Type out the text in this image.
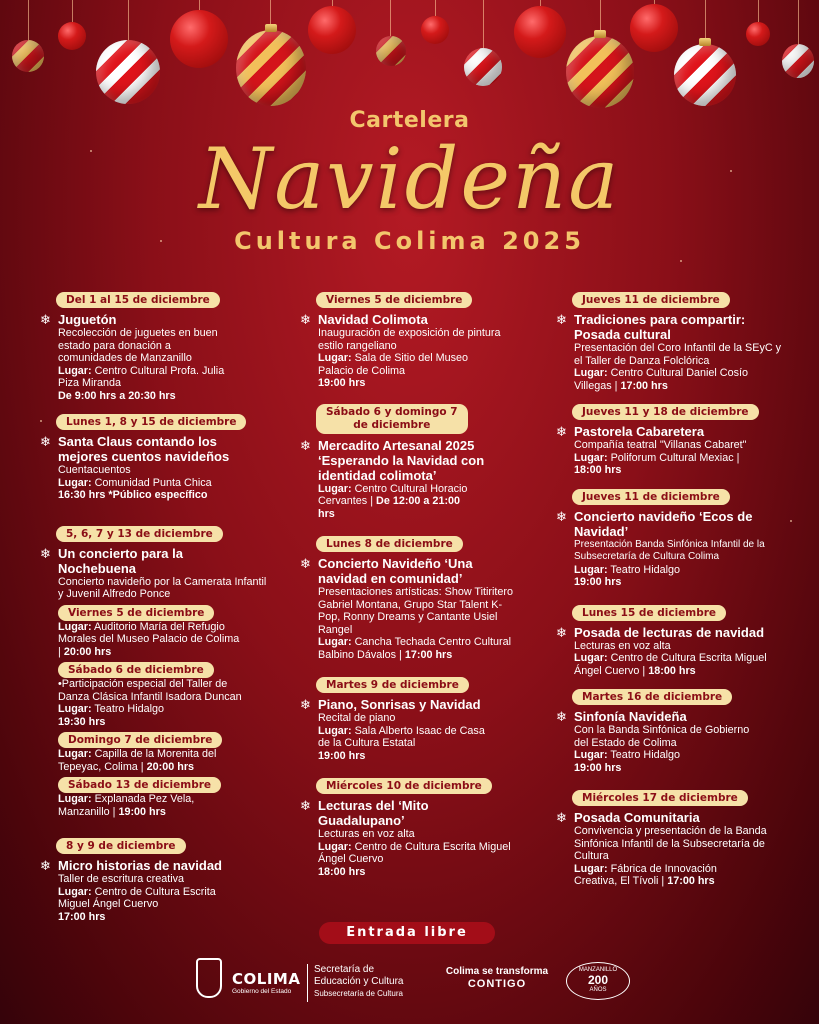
Cartelera
Navideña
Cultura Colima 2025
Del 1 al 15 de diciembre
❄ Juguetón
Recolección de juguetes en buen estado para donación a comunidades de Manzanillo
Lugar: Centro Cultural Profa. Julia Piza Miranda
De 9:00 hrs a 20:30 hrs
Lunes 1, 8 y 15 de diciembre
❄ Santa Claus contando los mejores cuentos navideños
Cuentacuentos
Lugar: Comunidad Punta Chica
16:30 hrs *Público específico
5, 6, 7 y 13 de diciembre
❄ Un concierto para la Nochebuena
Concierto navideño por la Camerata Infantil y Juvenil Alfredo Ponce
Viernes 5 de diciembre
Lugar: Auditorio María del Refugio Morales del Museo Palacio de Colima | 20:00 hrs
Sábado 6 de diciembre
•Participación especial del Taller de Danza Clásica Infantil Isadora Duncan
Lugar: Teatro Hidalgo
19:30 hrs
Domingo 7 de diciembre
Lugar: Capilla de la Morenita del Tepeyac, Colima | 20:00 hrs
Sábado 13 de diciembre
Lugar: Explanada Pez Vela, Manzanillo | 19:00 hrs
8 y 9 de diciembre
❄ Micro historias de navidad
Taller de escritura creativa
Lugar: Centro de Cultura Escrita Miguel Ángel Cuervo
17:00 hrs
Viernes 5 de diciembre
❄ Navidad Colimota
Inauguración de exposición de pintura estilo rangeliano
Lugar: Sala de Sitio del Museo Palacio de Colima
19:00 hrs
Sábado 6 y domingo 7
de diciembre
❄ Mercadito Artesanal 2025 ‘Esperando la Navidad con identidad colimota’
Lugar: Centro Cultural Horacio Cervantes | De 12:00 a 21:00 hrs
Lunes 8 de diciembre
❄ Concierto Navideño ‘Una navidad en comunidad’
Presentaciones artísticas: Show Titiritero Gabriel Montana, Grupo Star Talent K-Pop, Ronny Dreams y Cantante Usiel Rangel
Lugar: Cancha Techada Centro Cultural Balbino Dávalos | 17:00 hrs
Martes 9 de diciembre
❄ Piano, Sonrisas y Navidad
Recital de piano
Lugar: Sala Alberto Isaac de Casa de la Cultura Estatal
19:00 hrs
Miércoles 10 de diciembre
❄ Lecturas del ‘Mito Guadalupano’
Lecturas en voz alta
Lugar: Centro de Cultura Escrita Miguel Ángel Cuervo
18:00 hrs
Jueves 11 de diciembre
❄ Tradiciones para compartir: Posada cultural
Presentación del Coro Infantil de la SEyC y el Taller de Danza Folclórica
Lugar: Centro Cultural Daniel Cosío Villegas | 17:00 hrs
Jueves 11 y 18 de diciembre
❄ Pastorela Cabaretera
Compañía teatral "Villanas Cabaret"
Lugar: Poliforum Cultural Mexiac | 18:00 hrs
Jueves 11 de diciembre
❄ Concierto navideño ‘Ecos de Navidad’
Presentación Banda Sinfónica Infantil de la Subsecretaría de Cultura Colima
Lugar: Teatro Hidalgo
19:00 hrs
Lunes 15 de diciembre
❄ Posada de lecturas de navidad
Lecturas en voz alta
Lugar: Centro de Cultura Escrita Miguel Ángel Cuervo | 18:00 hrs
Martes 16 de diciembre
❄ Sinfonía Navideña
Con la Banda Sinfónica de Gobierno del Estado de Colima
Lugar: Teatro Hidalgo
19:00 hrs
Miércoles 17 de diciembre
❄ Posada Comunitaria
Convivencia y presentación de la Banda Sinfónica Infantil de la Subsecretaría de Cultura
Lugar: Fábrica de Innovación Creativa, El Tívoli | 17:00 hrs
Entrada libre
COLIMA
Gobierno del Estado
Secretaría de
Educación y Cultura
Subsecretaría de Cultura
Colima se transforma
CONTIGO
MANZANILLO
200
AÑOS
